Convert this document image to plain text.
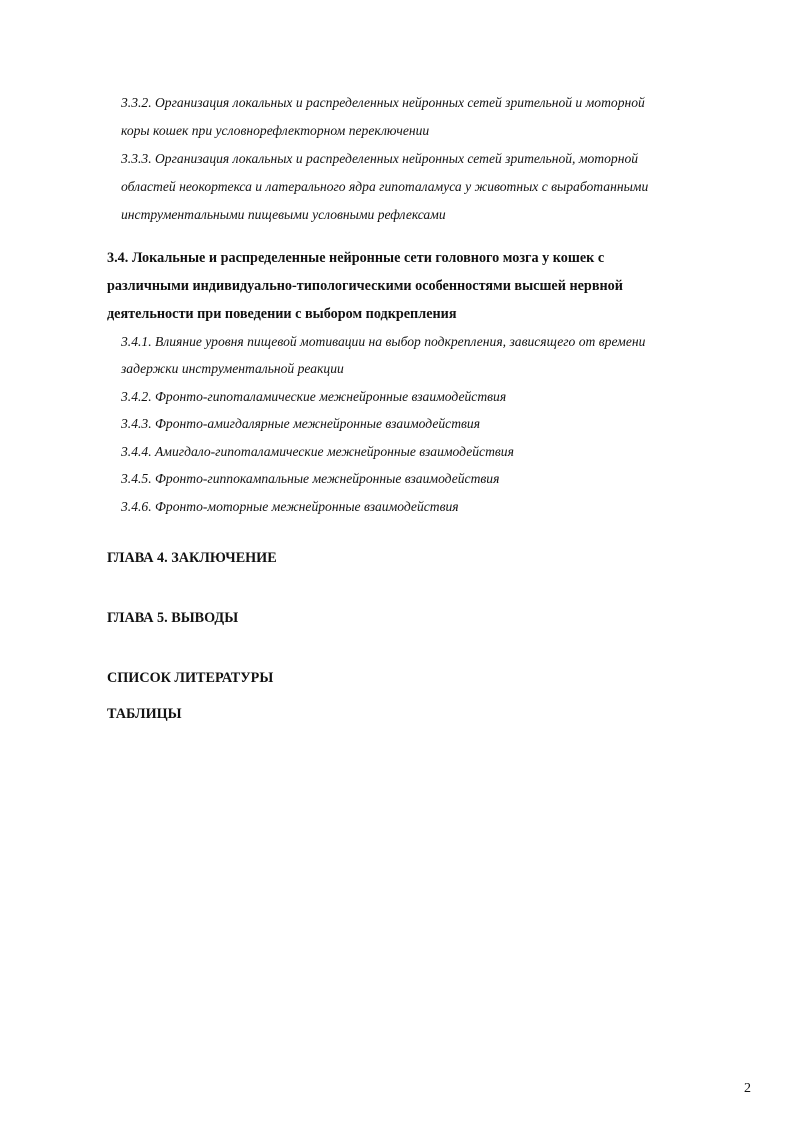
3.3.2. Организация локальных и распределенных нейронных сетей зрительной и моторной
коры кошек при условнорефлекторном переключении
3.3.3. Организация локальных и распределенных нейронных сетей зрительной, моторной
областей неокортекса и латерального ядра гипоталамуса у животных с выработанными
инструментальными пищевыми условными рефлексами
3.4. Локальные и распределенные нейронные сети головного мозга у кошек с
различными индивидуально-типологическими особенностями высшей нервной
деятельности при поведении с выбором подкрепления
3.4.1. Влияние уровня пищевой мотивации на выбор подкрепления, зависящего от времени
задержки инструментальной реакции
3.4.2. Фронто-гипоталамические межнейронные взаимодействия
3.4.3. Фронто-амигдалярные межнейронные взаимодействия
3.4.4. Амигдало-гипоталамические межнейронные взаимодействия
3.4.5. Фронто-гиппокампальные межнейронные взаимодействия
3.4.6. Фронто-моторные межнейронные взаимодействия
ГЛАВА 4. ЗАКЛЮЧЕНИЕ
ГЛАВА 5. ВЫВОДЫ
СПИСОК ЛИТЕРАТУРЫ
ТАБЛИЦЫ
2
